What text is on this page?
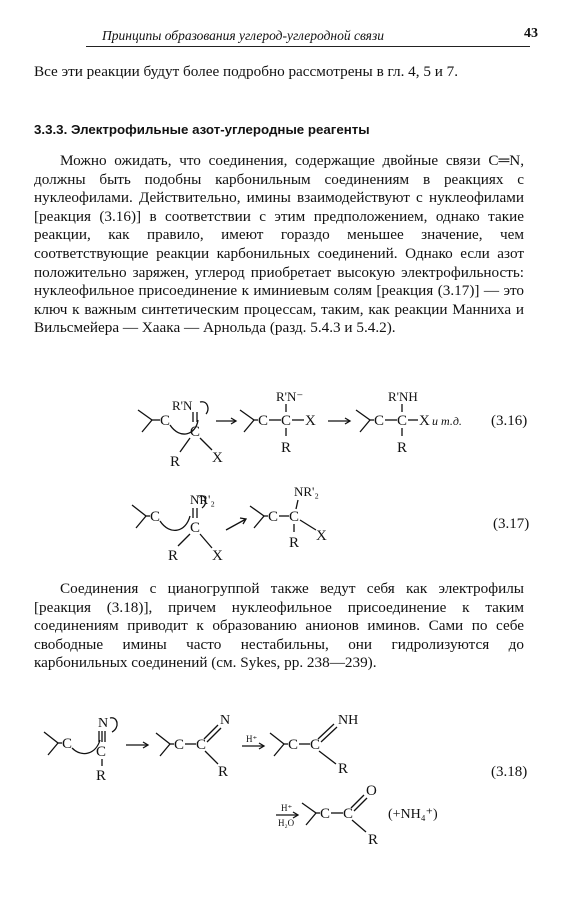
Принципы образования углерод-углеродной связи	43
Все эти реакции будут более подробно рассмотрены в гл. 4, 5 и 7.
3.3.3. Электрофильные азот-углеродные реагенты
Можно ожидать, что соединения, содержащие двойные связи C═N, должны быть подобны карбонильным соединениям в реакциях с нуклеофилами. Действительно, имины взаимодействуют с нуклеофилами [реакция (3.16)] в соответствии с этим предположением, однако такие реакции, как правило, имеют гораздо меньшее значение, чем соответствующие реакции карбонильных соединений. Однако если азот положительно заряжен, углерод приобретает высокую электрофильность: нуклеофильное присоединение к иминиевым солям [реакция (3.17)] — это ключ к важным синтетическим процессам, таким, как реакции Манниха и Вильсмейера — Хаака — Арнольда (разд. 5.4.3 и 5.4.2).
Соединения с цианогруппой также ведут себя как электрофилы [реакция (3.18)], причем нуклеофильное присоединение к таким соединениям приводит к образованию анионов иминов. Сами по себе свободные имины часто нестабильны, они гидролизуются до карбонильных соединений (см. Sykes, pp. 238—239).
C
R'N
C
R X
C C
R'N⁻
R
X	C C
R'NH
R
X и т.д. (3.16)
C
N̊R'₂
C
R X
C C
NR'₂
R X
(3.17)
C
N
C
R
C C
N
R
H⁺ C C
NH
R	(3.18)
H⁺
H₂O
C C
O
R
(+NH₄⁺)
